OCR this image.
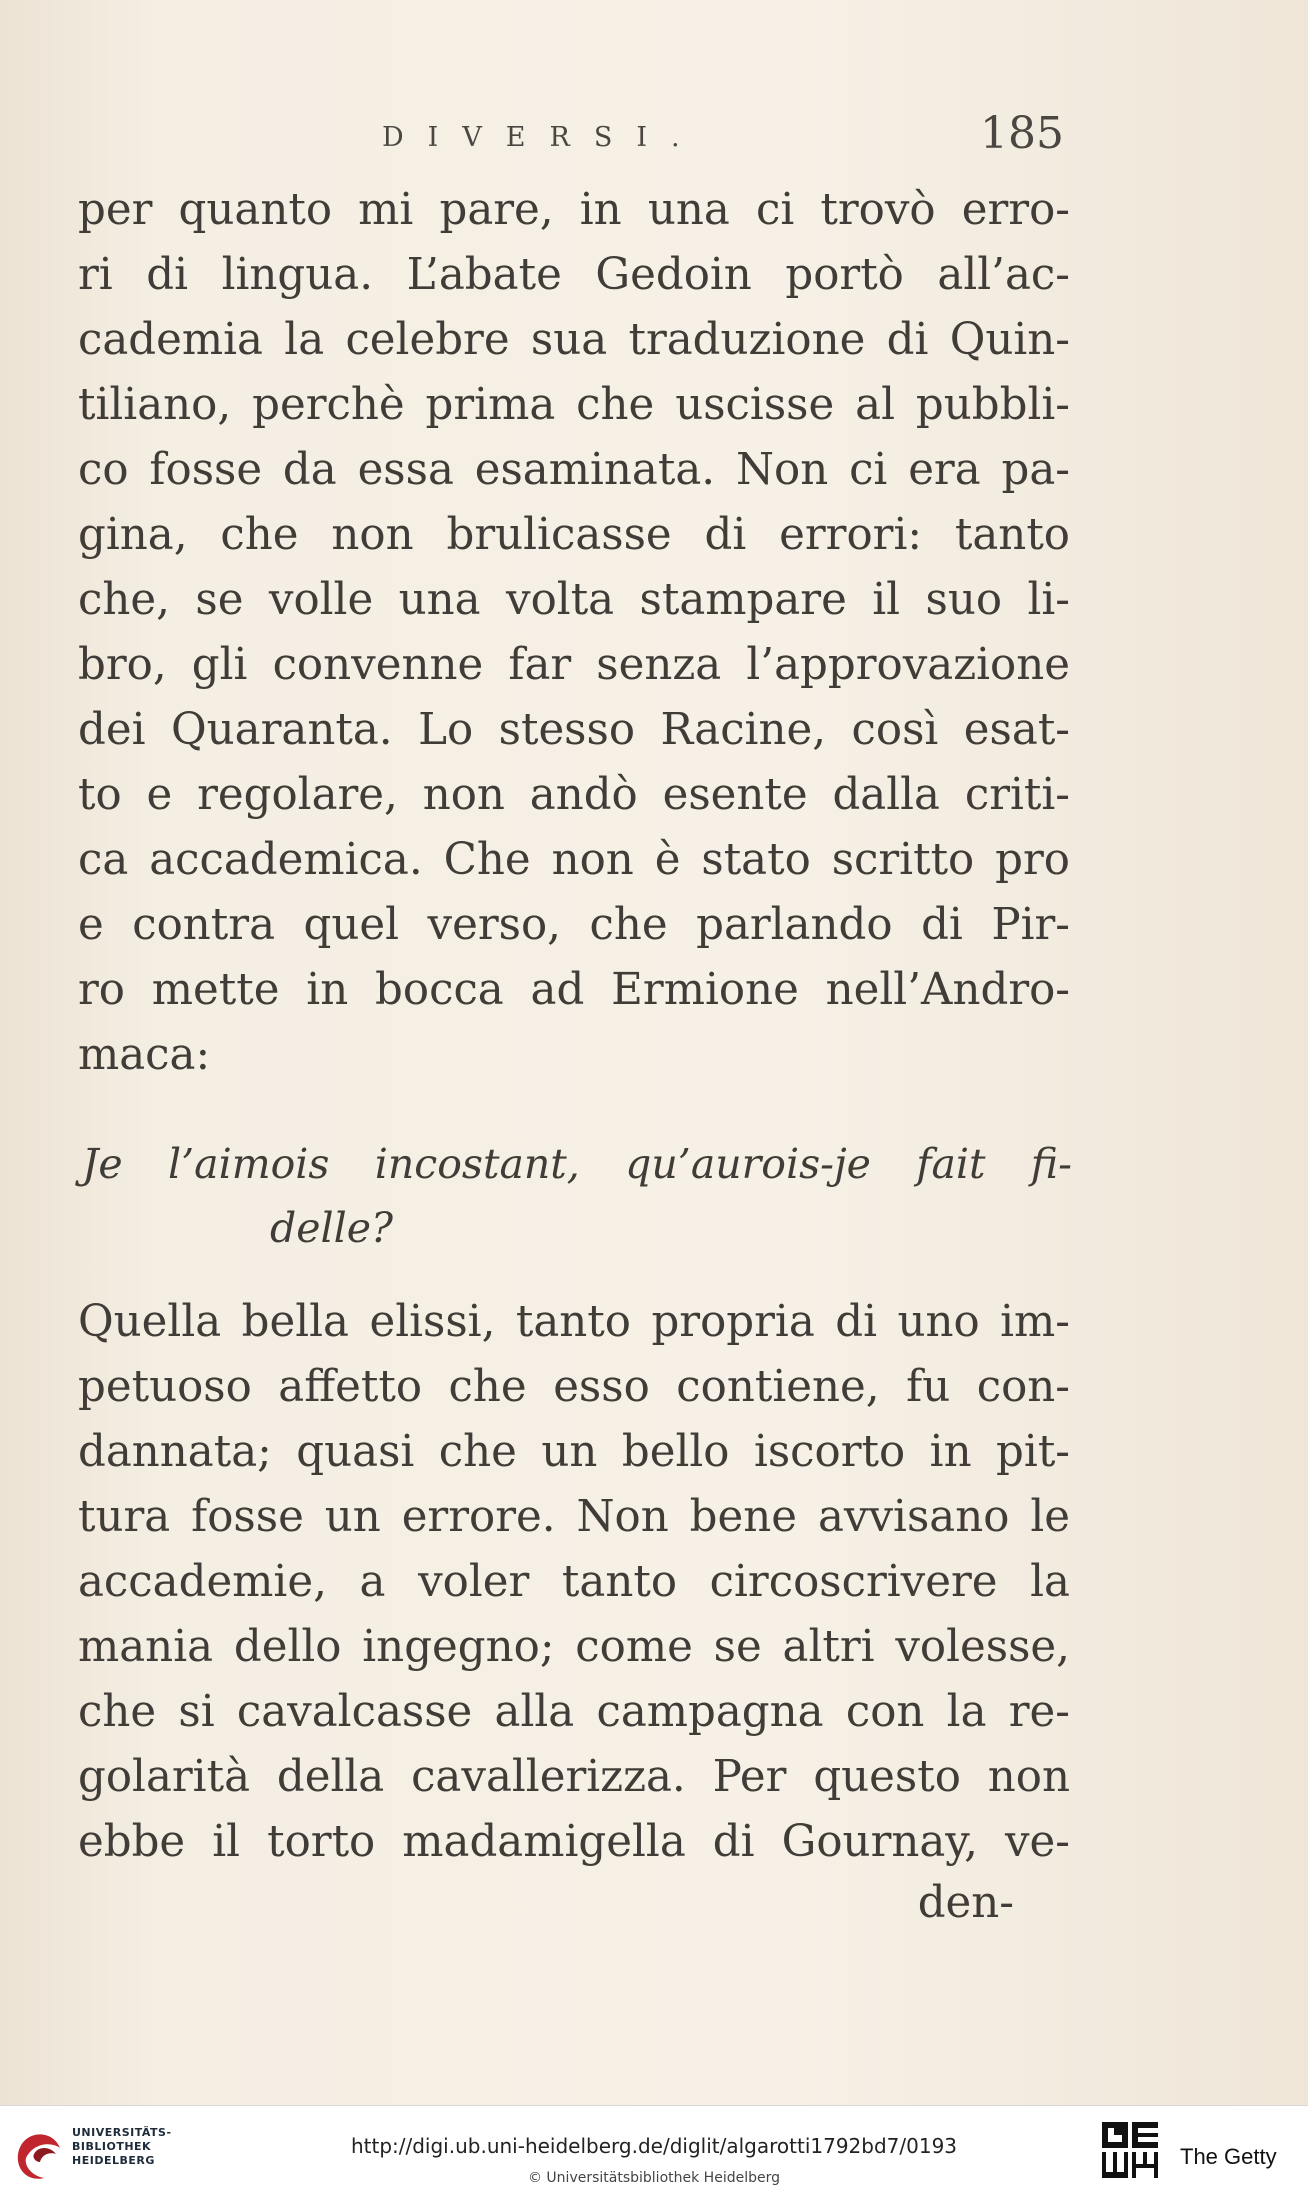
DIVERSI.	185
per quanto mi pare, in una ci trovò erro-
ri di lingua. L’abate Gedoin portò all’ac-
cademia la celebre sua traduzione di Quin-
tiliano, perchè prima che uscisse al pubbli-
co fosse da essa esaminata. Non ci era pa-
gina, che non brulicasse di errori: tanto
che, se volle una volta stampare il suo li-
bro, gli convenne far senza l’approvazione
dei Quaranta. Lo stesso Racine, così esat-
to e regolare, non andò esente dalla criti-
ca accademica. Che non è stato scritto pro
e contra quel verso, che parlando di Pir-
ro mette in bocca ad Ermione nell’Andro-
maca:
Je l’aimois incostant, qu’aurois-je fait fi-
delle?
Quella bella elissi, tanto propria di uno im-
petuoso affetto che esso contiene, fu con-
dannata; quasi che un bello iscorto in pit-
tura fosse un errore. Non bene avvisano le
accademie, a voler tanto circoscrivere la
mania dello ingegno; come se altri volesse,
che si cavalcasse alla campagna con la re-
golarità della cavallerizza. Per questo non
ebbe il torto madamigella di Gournay, ve-
den-
UNIVERSITÄTS-
BIBLIOTHEK
HEIDELBERG
http://digi.ub.uni-heidelberg.de/diglit/algarotti1792bd7/0193
© Universitätsbibliothek Heidelberg
The Getty
